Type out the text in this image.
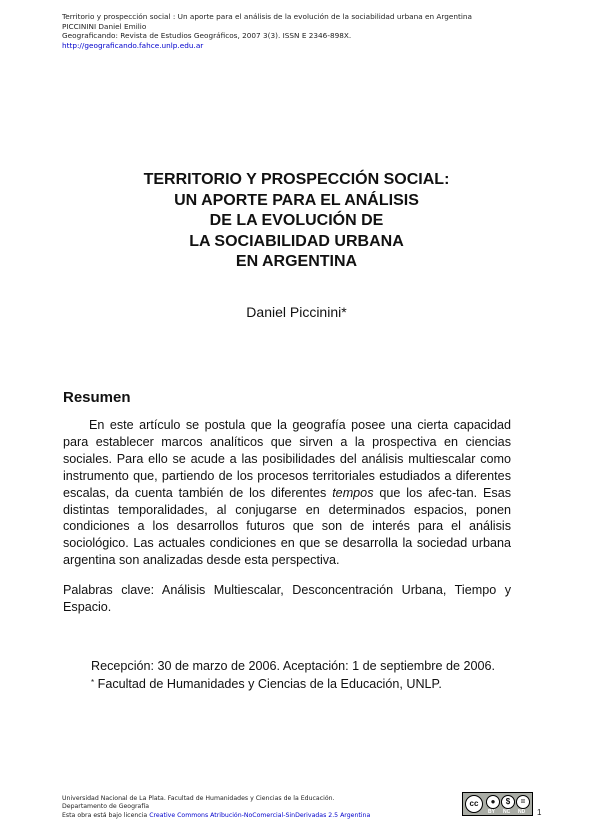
Territorio y prospección social : Un aporte para el análisis de la evolución de la sociabilidad urbana en Argentina
PICCININI Daniel Emilio
Geograficando: Revista de Estudios Geográficos, 2007 3(3). ISSN E 2346-898X.
http://geograficando.fahce.unlp.edu.ar
TERRITORIO Y PROSPECCIÓN SOCIAL:
UN APORTE PARA EL ANÁLISIS
DE LA EVOLUCIÓN DE
LA SOCIABILIDAD URBANA
EN ARGENTINA
Daniel Piccinini*
Resumen

En este artículo se postula que la geografía posee una cierta capacidad para establecer marcos analíticos que sirven a la prospectiva en ciencias sociales. Para ello se acude a las posibilidades del análisis multiescalar como instrumento que, partiendo de los procesos territoriales estudiados a diferentes escalas, da cuenta también de los diferentes tempos que los afec-tan. Esas distintas temporalidades, al conjugarse en determinados espacios, ponen condiciones a los desarrollos futuros que son de interés para el análisis sociológico. Las actuales condiciones en que se desarrolla la sociedad urbana argentina son analizadas desde esta perspectiva.

Palabras clave: Análisis Multiescalar, Desconcentración Urbana, Tiempo y Espacio.

Recepción: 30 de marzo de 2006. Aceptación: 1 de septiembre de 2006.
* Facultad de Humanidades y Ciencias de la Educación, UNLP.
Universidad Nacional de La Plata. Facultad de Humanidades y Ciencias de la Educación.
Departamento de Geografía
Esta obra está bajo licencia Creative Commons Atribución-NoComercial-SinDerivadas 2.5 Argentina
cc	●	$	=
BY NC ND 1
